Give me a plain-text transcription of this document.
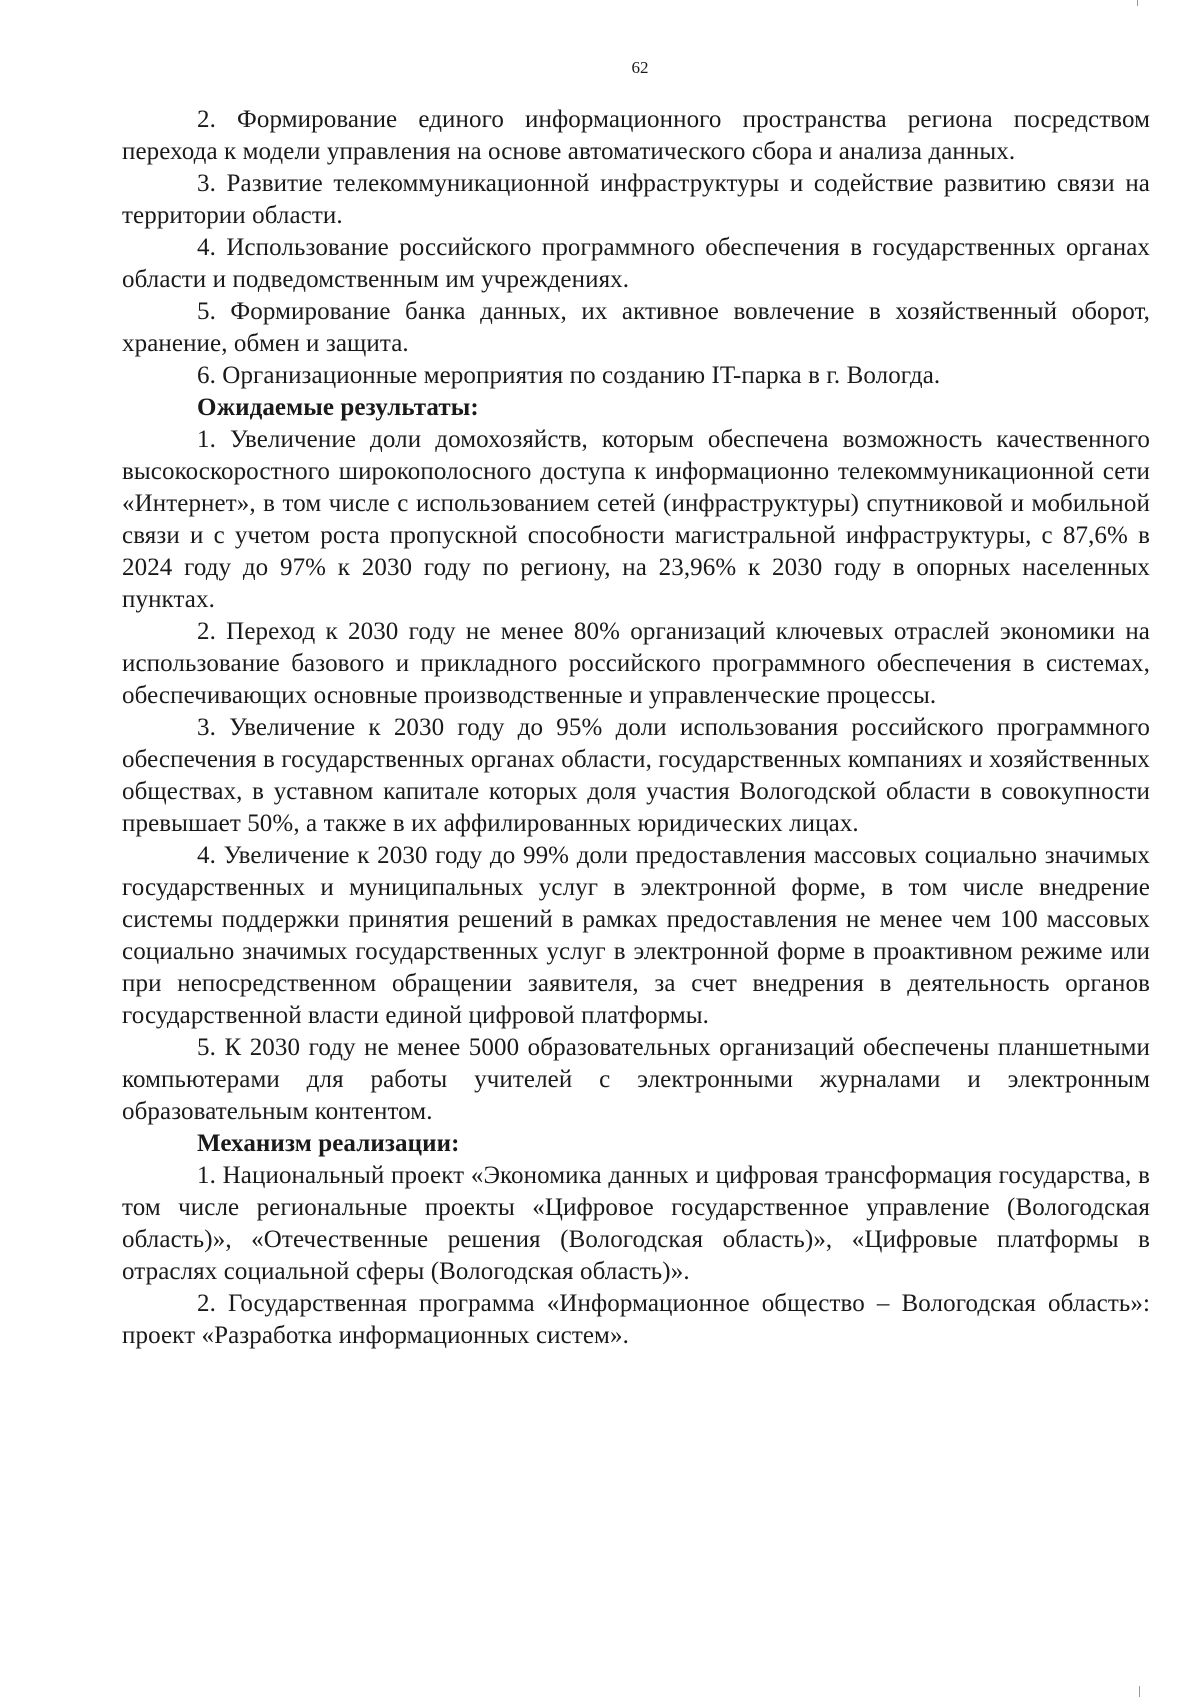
62

2. Формирование единого информационного пространства региона посредством перехода к модели управления на основе автоматического сбора и анализа данных.

3. Развитие телекоммуникационной инфраструктуры и содействие развитию связи на территории области.

4. Использование российского программного обеспечения в государственных органах области и подведомственным им учреждениях.

5. Формирование банка данных, их активное вовлечение в хозяйственный оборот, хранение, обмен и защита.

6. Организационные мероприятия по созданию IT-парка в г. Вологда.

Ожидаемые результаты:

1. Увеличение доли домохозяйств, которым обеспечена возможность качественного высокоскоростного широкополосного доступа к информационно телекоммуникационной сети «Интернет», в том числе с использованием сетей (инфраструктуры) спутниковой и мобильной связи и с учетом роста пропускной способности магистральной инфраструктуры, с 87,6% в 2024 году до 97% к 2030 году по региону, на 23,96% к 2030 году в опорных населенных пунктах.

2. Переход к 2030 году не менее 80% организаций ключевых отраслей экономики на использование базового и прикладного российского программного обеспечения в системах, обеспечивающих основные производственные и управленческие процессы.

3. Увеличение к 2030 году до 95% доли использования российского программного обеспечения в государственных органах области, государственных компаниях и хозяйственных обществах, в уставном капитале которых доля участия Вологодской области в совокупности превышает 50%, а также в их аффилированных юридических лицах.

4. Увеличение к 2030 году до 99% доли предоставления массовых социально значимых государственных и муниципальных услуг в электронной форме, в том числе внедрение системы поддержки принятия решений в рамках предоставления не менее чем 100 массовых социально значимых государственных услуг в электронной форме в проактивном режиме или при непосредственном обращении заявителя, за счет внедрения в деятельность органов государственной власти единой цифровой платформы.

5. К 2030 году не менее 5000 образовательных организаций обеспечены планшетными компьютерами для работы учителей с электронными журналами и электронным образовательным контентом.

Механизм реализации:

1. Национальный проект «Экономика данных и цифровая трансформация государства, в том числе региональные проекты «Цифровое государственное управление (Вологодская область)», «Отечественные решения (Вологодская область)», «Цифровые платформы в отраслях социальной сферы (Вологодская область)».

2. Государственная программа «Информационное общество – Вологодская область»: проект «Разработка информационных систем».
